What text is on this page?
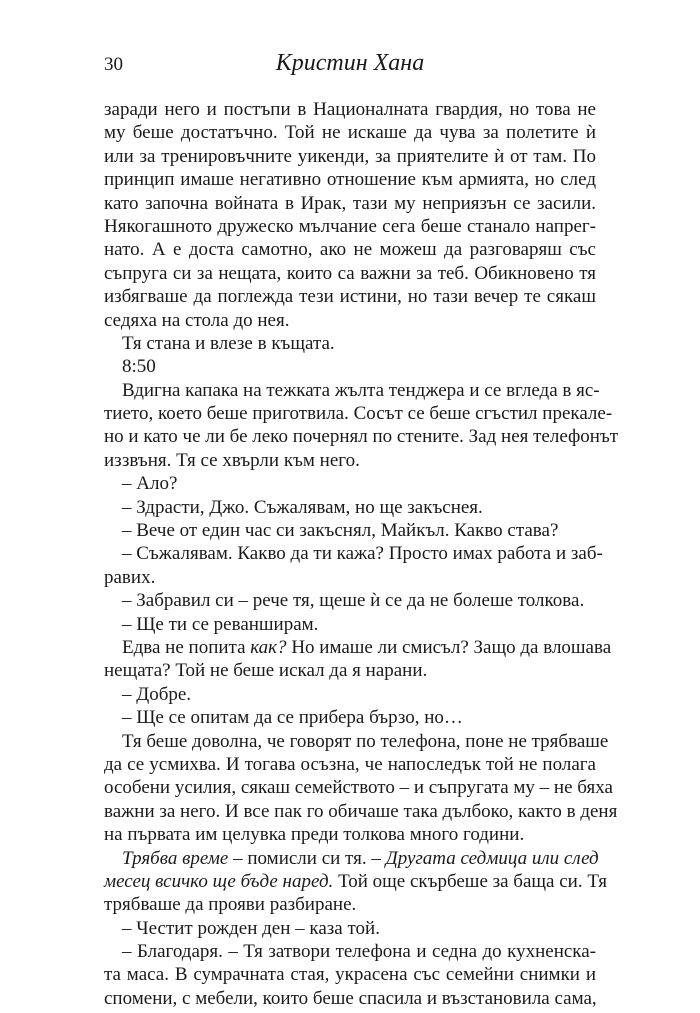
30	Кристин Хана
заради него и постъпи в Националната гвардия, но това не
му беше достатъчно. Той не искаше да чува за полетите ѝ
или за тренировъчните уикенди, за приятелите ѝ от там. По
принцип имаше негативно отношение към армията, но след
като започна войната в Ирак, тази му неприязън се засили.
Някогашното дружеско мълчание сега беше станало напрег-
нато. А е доста самотно, ако не можеш да разговаряш със
съпруга си за нещата, които са важни за теб. Обикновено тя
избягваше да поглежда тези истини, но тази вечер те сякаш
седяха на стола до нея.
Тя стана и влезе в къщата.
8:50
Вдигна капака на тежката жълта тенджера и се вгледа в яс-
тието, което беше приготвила. Сосът се беше сгъстил прекале-
но и като че ли бе леко почернял по стените. Зад нея телефонът
иззвъня. Тя се хвърли към него.
– Ало?
– Здрасти, Джо. Съжалявам, но ще закъснея.
– Вече от един час си закъснял, Майкъл. Какво става?
– Съжалявам. Какво да ти кажа? Просто имах работа и заб-
равих.
– Забравил си – рече тя, щеше ѝ се да не болеше толкова.
– Ще ти се реванширам.
Едва не попита как? Но имаше ли смисъл? Защо да влошава
нещата? Той не беше искал да я нарани.
– Добре.
– Ще се опитам да се прибера бързо, но…
Тя беше доволна, че говорят по телефона, поне не трябваше
да се усмихва. И тогава осъзна, че напоследък той не полага
особени усилия, сякаш семейството – и съпругата му – не бяха
важни за него. И все пак го обичаше така дълбоко, както в деня
на първата им целувка преди толкова много години.
Трябва време – помисли си тя. – Другата седмица или след
месец всичко ще бъде наред. Той още скърбеше за баща си. Тя
трябваше да прояви разбиране.
– Честит рожден ден – каза той.
– Благодаря. – Тя затвори телефона и седна до кухненска-
та маса. В сумрачната стая, украсена със семейни снимки и
спомени, с мебели, които беше спасила и възстановила сама,
